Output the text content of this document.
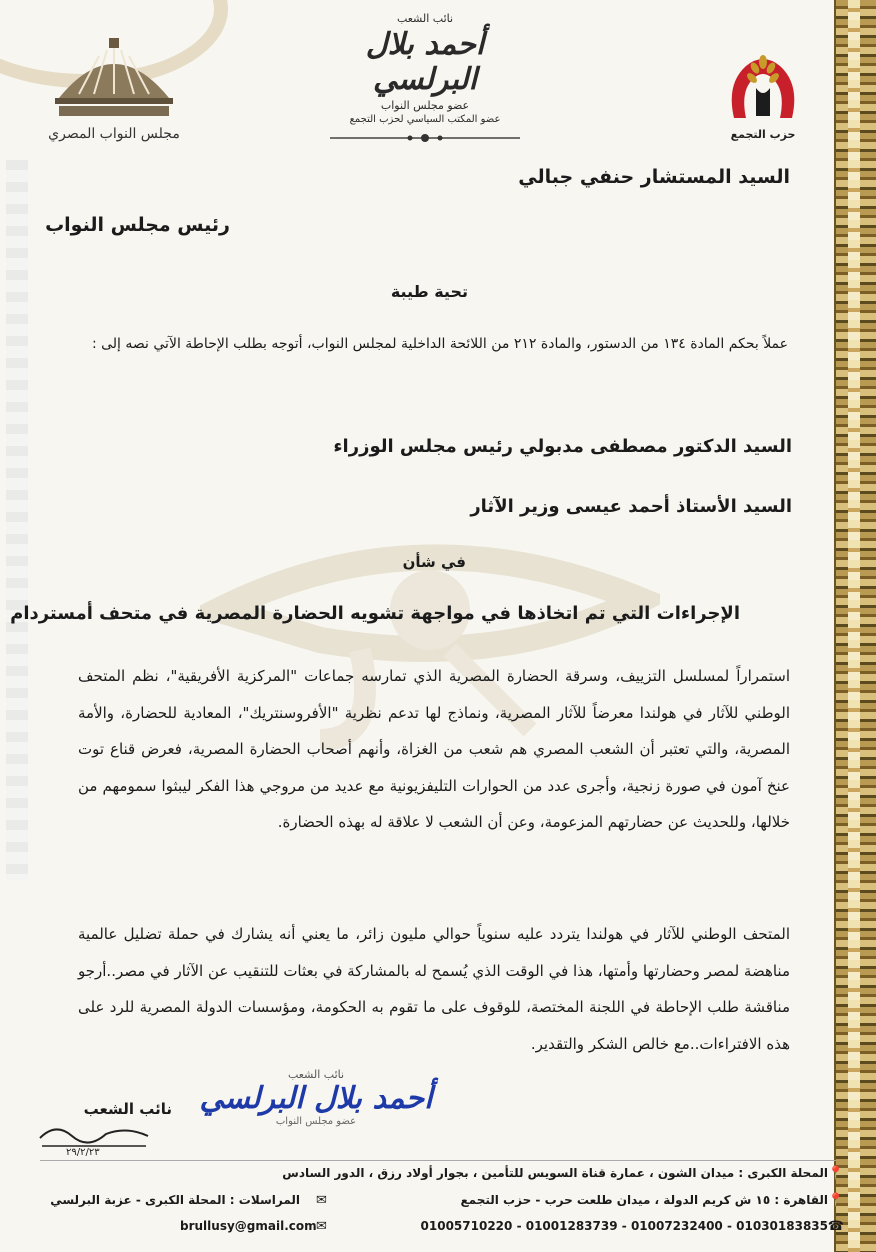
مجلس النواب المصري	حزب التجمع
نائب الشعب
أحمد بلال البرلسي
عضو مجلس النواب
عضو المكتب السياسي لحزب التجمع
السيد المستشار حنفي جبالي
رئيس مجلس النواب
تحية طيبة
عملاً بحكم المادة ١٣٤ من الدستور، والمادة ٢١٢ من اللائحة الداخلية لمجلس النواب، أتوجه بطلب الإحاطة الآتي نصه إلى :
السيد الدكتور مصطفى مدبولي رئيس مجلس الوزراء
السيد الأستاذ أحمد عيسى وزير الآثار
في شأن
الإجراءات التي تم اتخاذها في مواجهة تشويه الحضارة المصرية في متحف أمستردام
استمراراً لمسلسل التزييف، وسرقة الحضارة المصرية الذي تمارسه جماعات "المركزية الأفريقية"، نظم المتحف الوطني للآثار في هولندا معرضاً للآثار المصرية، ونماذج لها تدعم نظرية "الأفروسنتريك"، المعادية للحضارة، والأمة المصرية، والتي تعتبر أن الشعب المصري هم شعب من الغزاة، وأنهم أصحاب الحضارة المصرية، فعرض قناع توت عنخ آمون في صورة زنجية، وأجرى عدد من الحوارات التليفزيونية مع عديد من مروجي هذا الفكر ليبثوا سمومهم من خلالها، وللحديث عن حضارتهم المزعومة، وعن أن الشعب لا علاقة له بهذه الحضارة.
المتحف الوطني للآثار في هولندا يتردد عليه سنوياً حوالي مليون زائر، ما يعني أنه يشارك في حملة تضليل عالمية مناهضة لمصر وحضارتها وأمتها، هذا في الوقت الذي يُسمح له بالمشاركة في بعثات للتنقيب عن الآثار في مصر..أرجو مناقشة طلب الإحاطة في اللجنة المختصة، للوقوف على ما تقوم به الحكومة، ومؤسسات الدولة المصرية للرد على هذه الافتراءات..مع خالص الشكر والتقدير.
نائب الشعب
نائب الشعب
أحمد بلال البرلسي
عضو مجلس النواب
٢٩/٢/٢٣
📍
المحلة الكبرى : ميدان الشون ، عمارة قناة السويس للتأمين ، بجوار أولاد رزق ، الدور السادس
📍
القاهرة : ١٥ ش كريم الدولة ، ميدان طلعت حرب - حزب التجمع
✉
المراسلات : المحلة الكبرى - عزبة البرلسي
☎
01030183835 - 01007232400 - 01001283739 - 01005710220
✉
brullusy@gmail.com
